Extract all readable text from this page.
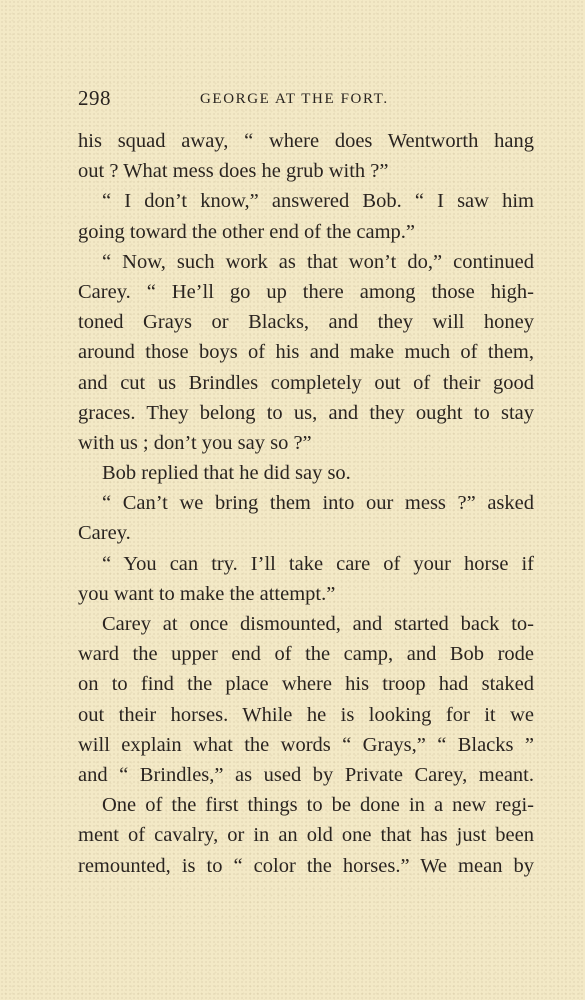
298	GEORGE AT THE FORT.
his squad away, “ where does Wentworth hang
out ? What mess does he grub with ?”
“ I don’t know,” answered Bob. “ I saw him
going toward the other end of the camp.”
“ Now, such work as that won’t do,” continued
Carey. “ He’ll go up there among those high-
toned Grays or Blacks, and they will honey
around those boys of his and make much of them,
and cut us Brindles completely out of their good
graces. They belong to us, and they ought to stay
with us ; don’t you say so ?”
Bob replied that he did say so.
“ Can’t we bring them into our mess ?” asked
Carey.
“ You can try. I’ll take care of your horse if
you want to make the attempt.”
Carey at once dismounted, and started back to-
ward the upper end of the camp, and Bob rode
on to find the place where his troop had staked
out their horses. While he is looking for it we
will explain what the words “ Grays,” “ Blacks ”
and “ Brindles,” as used by Private Carey, meant.
One of the first things to be done in a new regi-
ment of cavalry, or in an old one that has just been
remounted, is to “ color the horses.” We mean by
